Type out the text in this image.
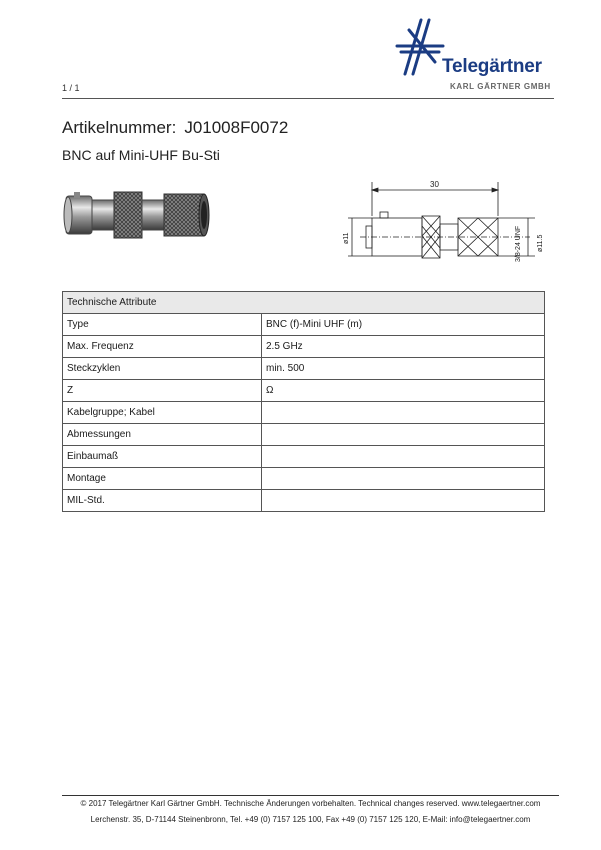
Telegärtner
KARL GÄRTNER GMBH
1 / 1
Artikelnummer: J01008F0072
BNC auf Mini-UHF Bu-Sti
30
ø11	3/8-24 UNF ø11.5
Technische Attribute	
Type	BNC (f)-Mini UHF (m)
Max. Frequenz	2.5 GHz
Steckzyklen	min. 500
Z	Ω
Kabelgruppe; Kabel	
Abmessungen	
Einbaumaß	
Montage	
MIL-Std.	
© 2017 Telegärtner Karl Gärtner GmbH. Technische Änderungen vorbehalten. Technical changes reserved. www.telegaertner.com
Lerchenstr. 35, D-71144 Steinenbronn, Tel. +49 (0) 7157 125 100, Fax +49 (0) 7157 125 120, E-Mail: info@telegaertner.com
